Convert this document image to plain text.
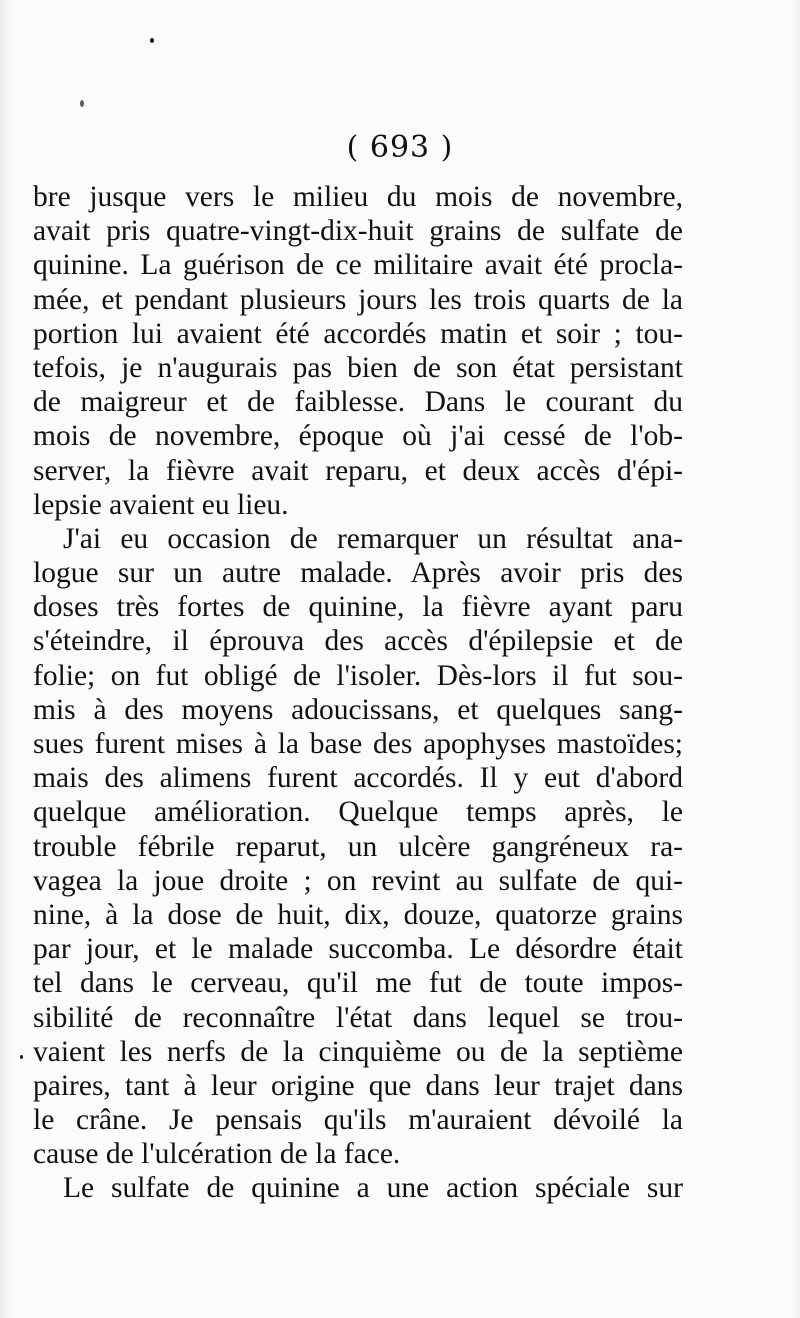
( 693 )
bre jusque vers le milieu du mois de novembre,
avait pris quatre-vingt-dix-huit grains de sulfate de
quinine. La guérison de ce militaire avait été procla-
mée, et pendant plusieurs jours les trois quarts de la
portion lui avaient été accordés matin et soir ; tou-
tefois, je n'augurais pas bien de son état persistant
de maigreur et de faiblesse. Dans le courant du
mois de novembre, époque où j'ai cessé de l'ob-
server, la fièvre avait reparu, et deux accès d'épi-
lepsie avaient eu lieu.
J'ai eu occasion de remarquer un résultat ana-
logue sur un autre malade. Après avoir pris des
doses très fortes de quinine, la fièvre ayant paru
s'éteindre, il éprouva des accès d'épilepsie et de
folie; on fut obligé de l'isoler. Dès-lors il fut sou-
mis à des moyens adoucissans, et quelques sang-
sues furent mises à la base des apophyses mastoïdes;
mais des alimens furent accordés. Il y eut d'abord
quelque amélioration. Quelque temps après, le
trouble fébrile reparut, un ulcère gangréneux ra-
vagea la joue droite ; on revint au sulfate de qui-
nine, à la dose de huit, dix, douze, quatorze grains
par jour, et le malade succomba. Le désordre était
tel dans le cerveau, qu'il me fut de toute impos-
sibilité de reconnaître l'état dans lequel se trou-
vaient les nerfs de la cinquième ou de la septième
paires, tant à leur origine que dans leur trajet dans
le crâne. Je pensais qu'ils m'auraient dévoilé la
cause de l'ulcération de la face.
Le sulfate de quinine a une action spéciale sur
